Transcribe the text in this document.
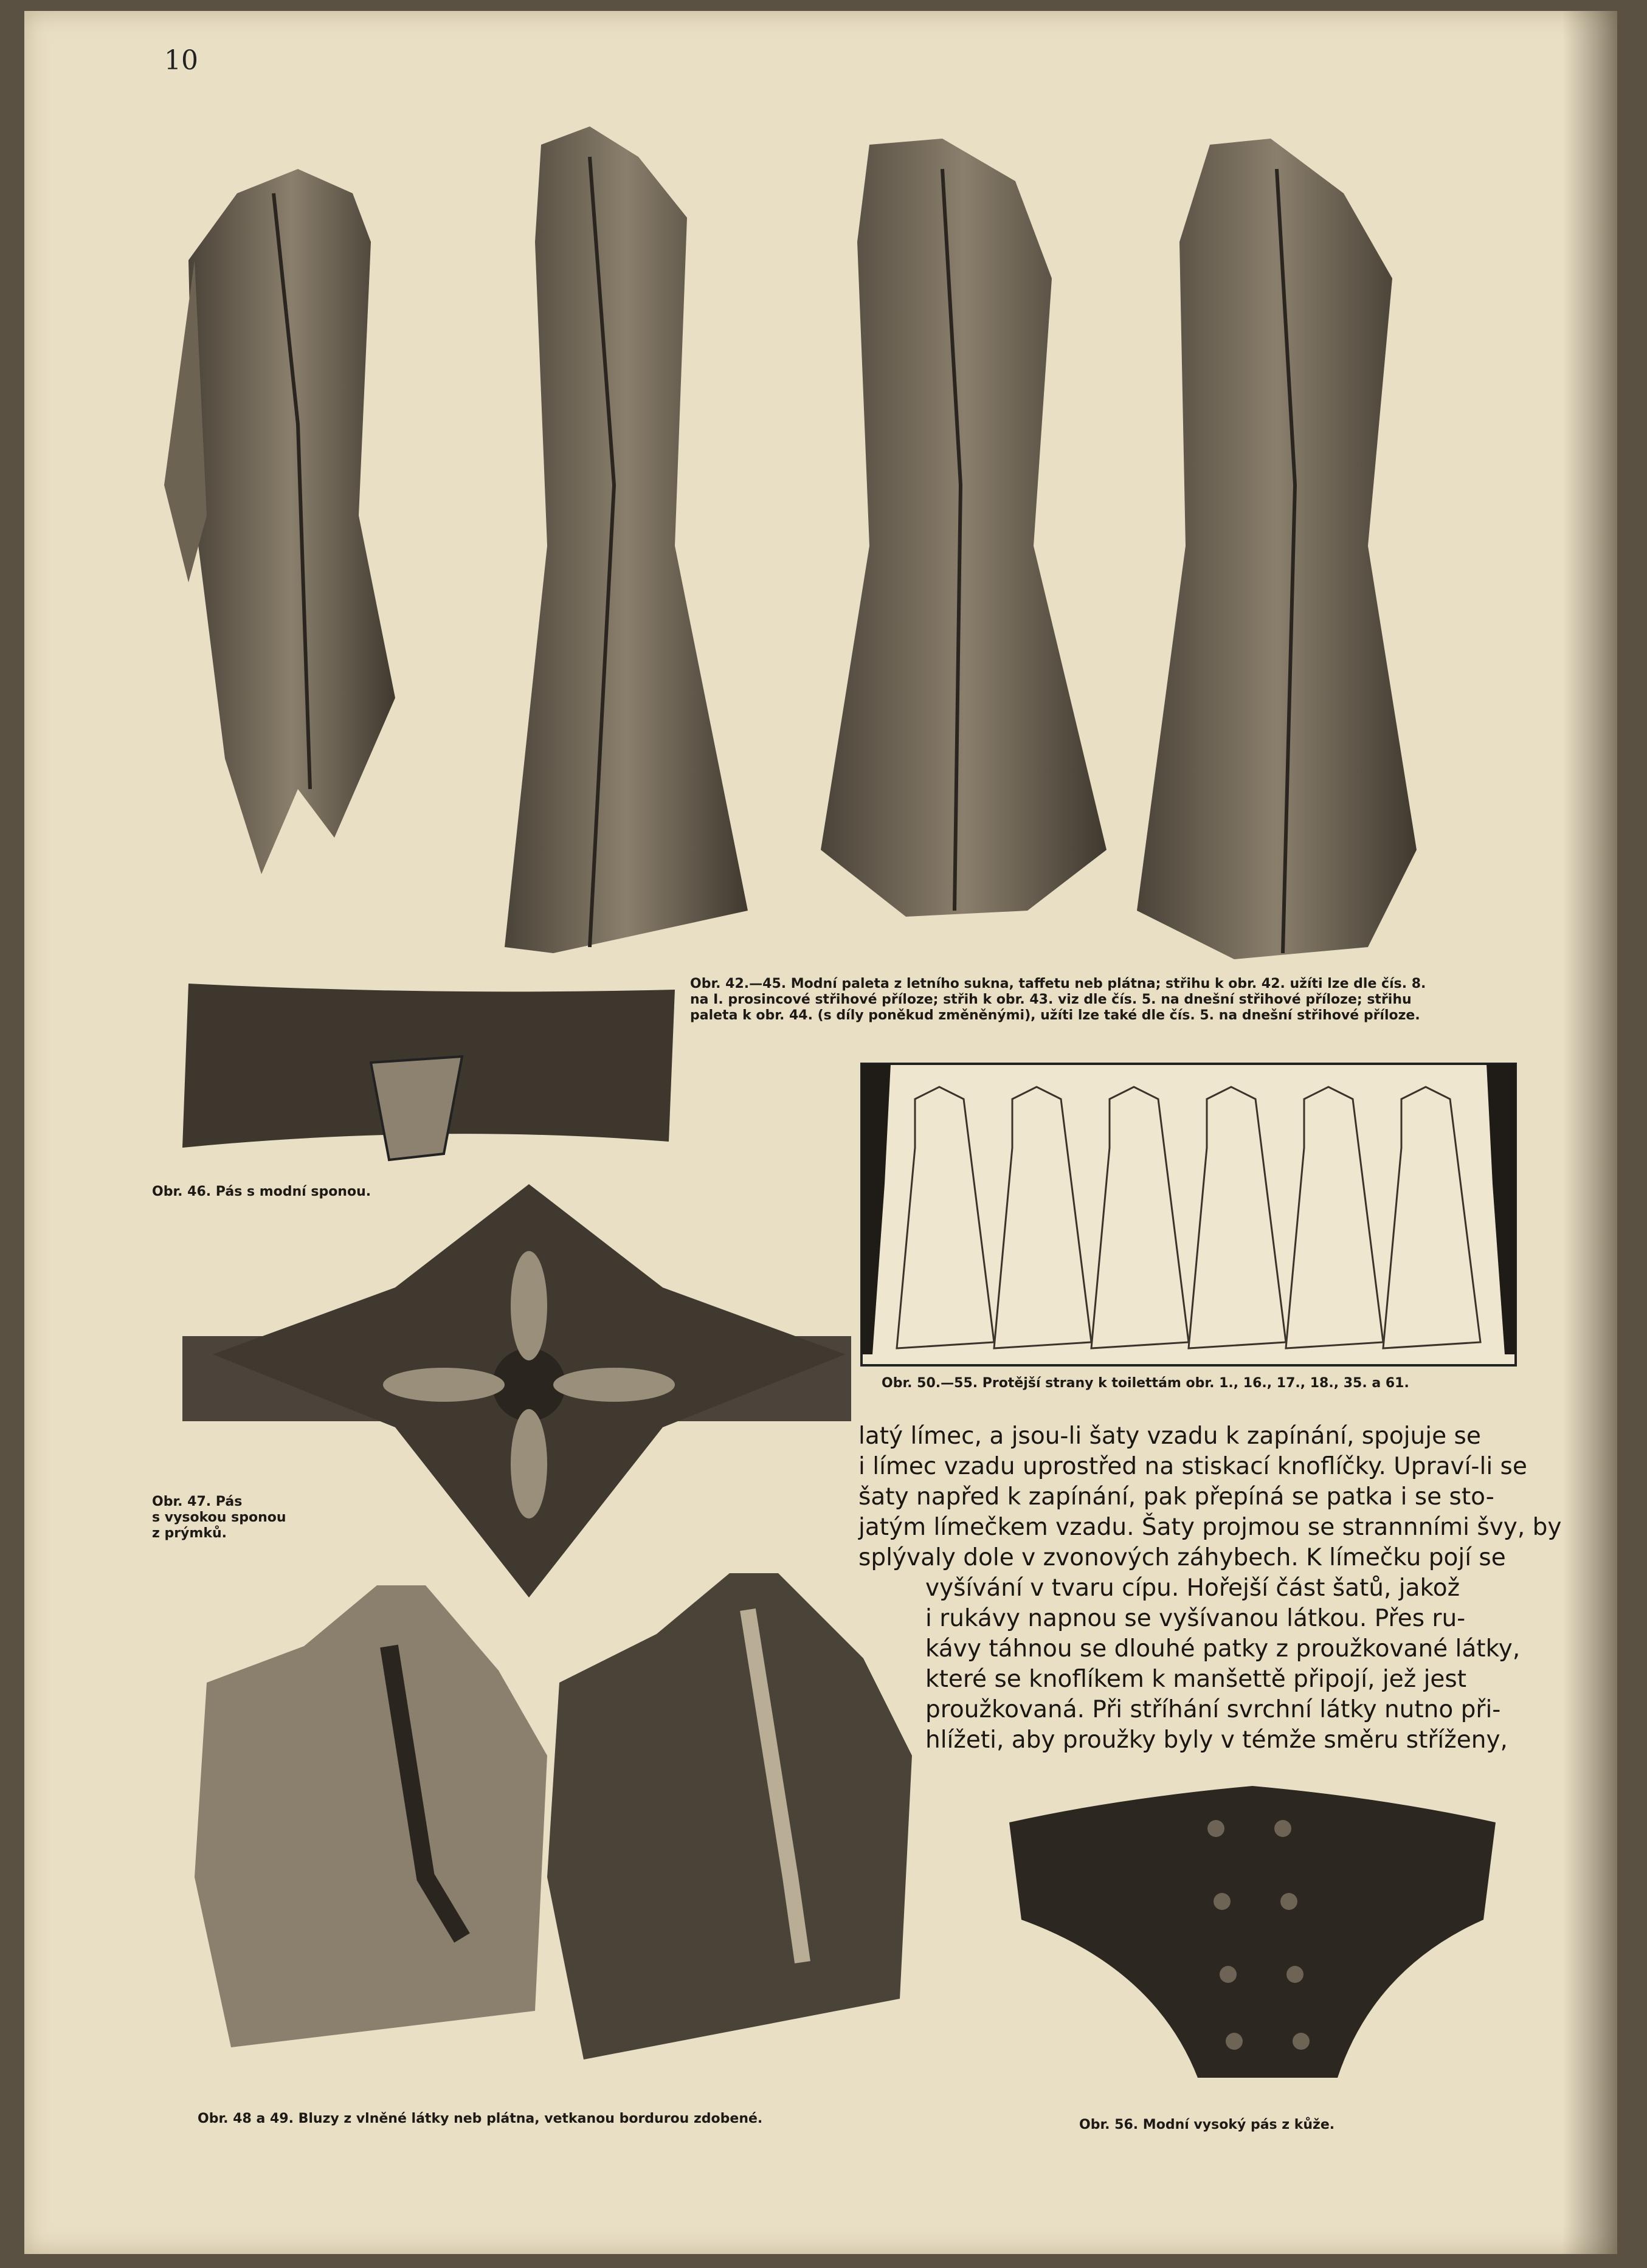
10
Obr. 42.—45. Modní paleta z letního sukna, taffetu neb plátna; střihu k obr. 42. užíti lze dle čís. 8.
na I. prosincové střihové příloze; střih k obr. 43. viz dle čís. 5. na dnešní střihové příloze; střihu
paleta k obr. 44. (s díly poněkud změněnými), užíti lze také dle čís. 5. na dnešní střihové příloze.
Obr. 46. Pás s modní sponou.
Obr. 47. Pás
s vysokou sponou
z prýmků.
Obr. 50.—55. Protější strany k toilettám obr. 1., 16., 17., 18., 35. a 61.
latý límec, a jsou-li šaty vzadu k zapínání, spojuje se
i límec vzadu uprostřed na stiskací knoflíčky. Upraví-li se
šaty napřed k zapínání, pak přepíná se patka i se sto-
jatým límečkem vzadu. Šaty projmou se strannními švy, by
splývaly dole v zvonových záhybech. K límečku pojí se
vyšívání v tvaru cípu. Hořejší část šatů, jakož
i rukávy napnou se vyšívanou látkou. Přes ru-
kávy táhnou se dlouhé patky z proužkované látky,
které se knoflíkem k manšettě připojí, jež jest
proužkovaná. Při stříhání svrchní látky nutno při-
hlížeti, aby proužky byly v témže směru stříženy,
Obr. 48 a 49. Bluzy z vlněné látky neb plátna, vetkanou bordurou zdobené.	Obr. 56. Modní vysoký pás z kůže.
